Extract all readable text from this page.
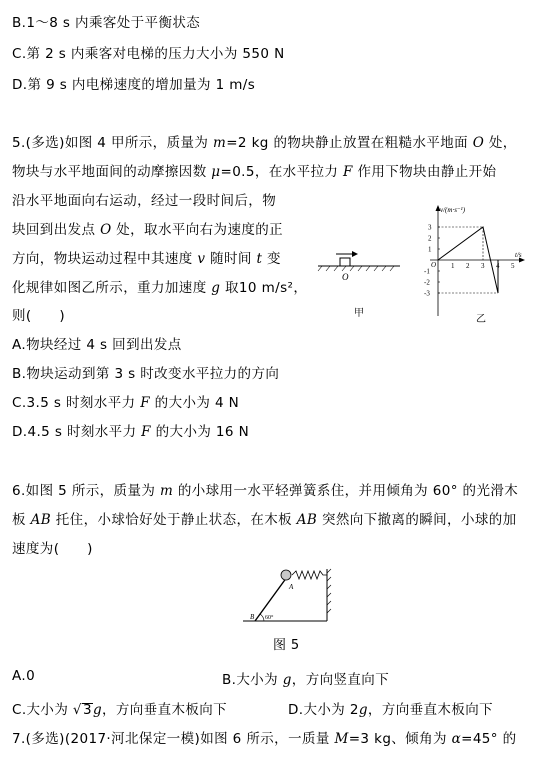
B.1～8 s 内乘客处于平衡状态
C.第 2 s 内乘客对电梯的压力大小为 550 N
D.第 9 s 内电梯速度的增加量为 1 m/s
5.(多选)如图 4 甲所示，质量为 m=2 kg 的物块静止放置在粗糙水平地面 O 处，
物块与水平地面间的动摩擦因数 μ=0.5，在水平拉力 F 作用下物块由静止开始
沿水平地面向右运动，经过一段时间后，物
块回到出发点 O 处，取水平向右为速度的正
方向，物块运动过程中其速度 v 随时间 t 变
化规律如图乙所示，重力加速度 g 取10 m/s²，
则(　　)
O
甲
v/(m·s⁻¹)
t/s
O 1 2 3 4 5
3
2
1
-1
-2
-3
乙
A.物块经过 4 s 回到出发点
B.物块运动到第 3 s 时改变水平拉力的方向
C.3.5 s 时刻水平力 F 的大小为 4 N
D.4.5 s 时刻水平力 F 的大小为 16 N
6.如图 5 所示，质量为 m 的小球用一水平轻弹簧系住，并用倾角为 60° 的光滑木
板 AB 托住，小球恰好处于静止状态，在木板 AB 突然向下撤离的瞬间，小球的加
速度为(　　)
60°
A
B
图 5
A.0	B.大小为 g，方向竖直向下
C.大小为 √3g，方向垂直木板向下	D.大小为 2g，方向垂直木板向下
7.(多选)(2017·河北保定一模)如图 6 所示，一质量 M=3 kg、倾角为 α=45° 的
